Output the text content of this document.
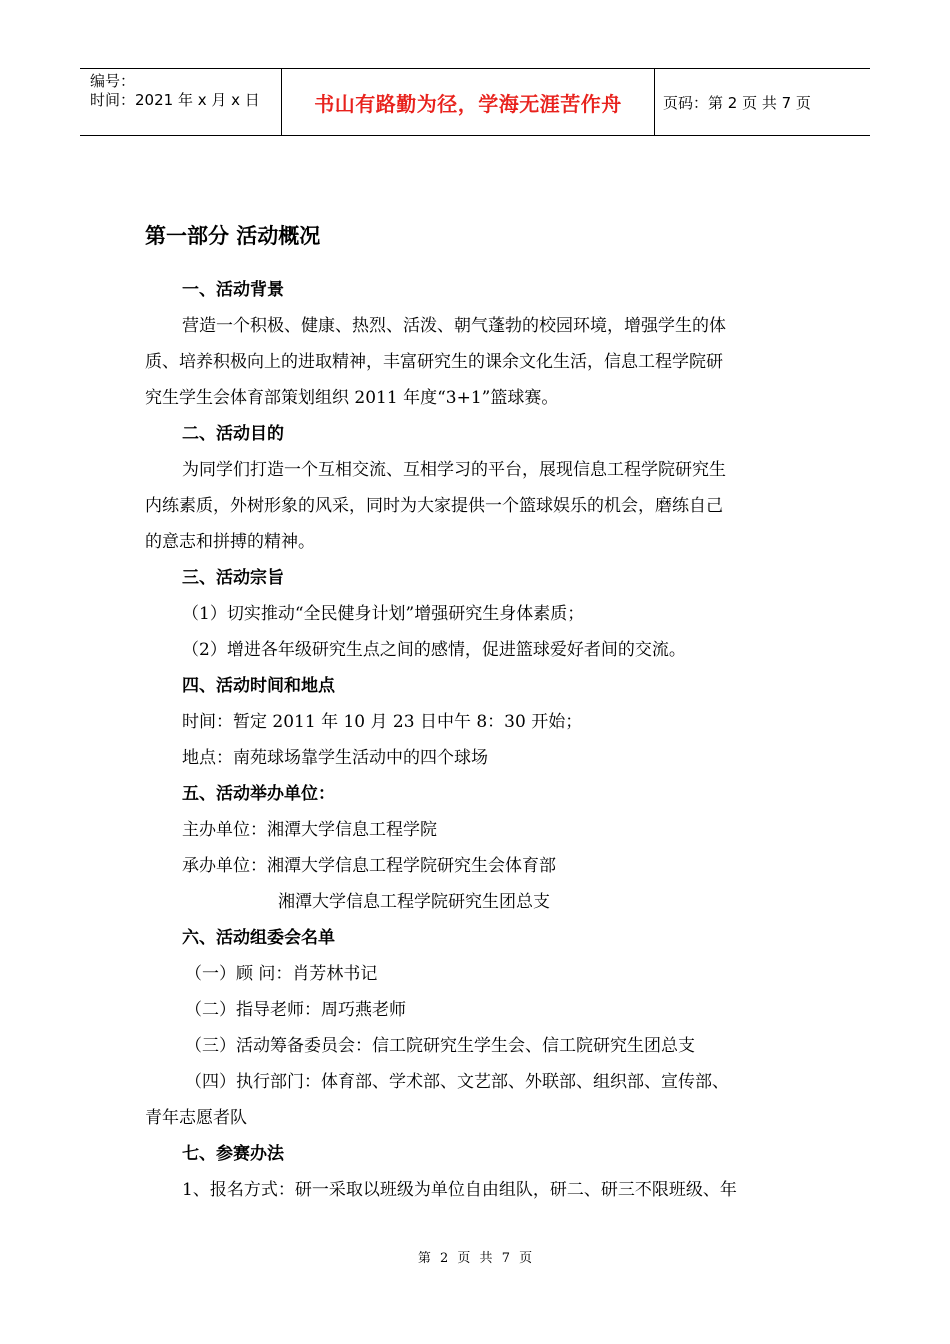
编号：
时间：2021 年 x 月 x 日	书山有路勤为径，学海无涯苦作舟	页码：第 2 页 共 7 页
第一部分 活动概况

一、活动背景

营造一个积极、健康、热烈、活泼、朝气蓬勃的校园环境，增强学生的体

质、培养积极向上的进取精神，丰富研究生的课余文化生活，信息工程学院研

究生学生会体育部策划组织 2011 年度“3+1”篮球赛。

二、活动目的

为同学们打造一个互相交流、互相学习的平台，展现信息工程学院研究生

内练素质，外树形象的风采，同时为大家提供一个篮球娱乐的机会，磨练自己

的意志和拼搏的精神。

三、活动宗旨

（1）切实推动“全民健身计划”增强研究生身体素质；

（2）增进各年级研究生点之间的感情，促进篮球爱好者间的交流。

四、活动时间和地点

时间：暂定 2011 年 10 月 23 日中午 8：30 开始；

地点：南苑球场靠学生活动中的四个球场

五、活动举办单位：

主办单位：湘潭大学信息工程学院

承办单位：湘潭大学信息工程学院研究生会体育部

湘潭大学信息工程学院研究生团总支

六、活动组委会名单

（一）顾 问：肖芳林书记

（二）指导老师：周巧燕老师

（三）活动筹备委员会：信工院研究生学生会、信工院研究生团总支

（四）执行部门：体育部、学术部、文艺部、外联部、组织部、宣传部、

青年志愿者队

七、参赛办法

1、报名方式：研一采取以班级为单位自由组队，研二、研三不限班级、年

第 2 页 共 7 页
